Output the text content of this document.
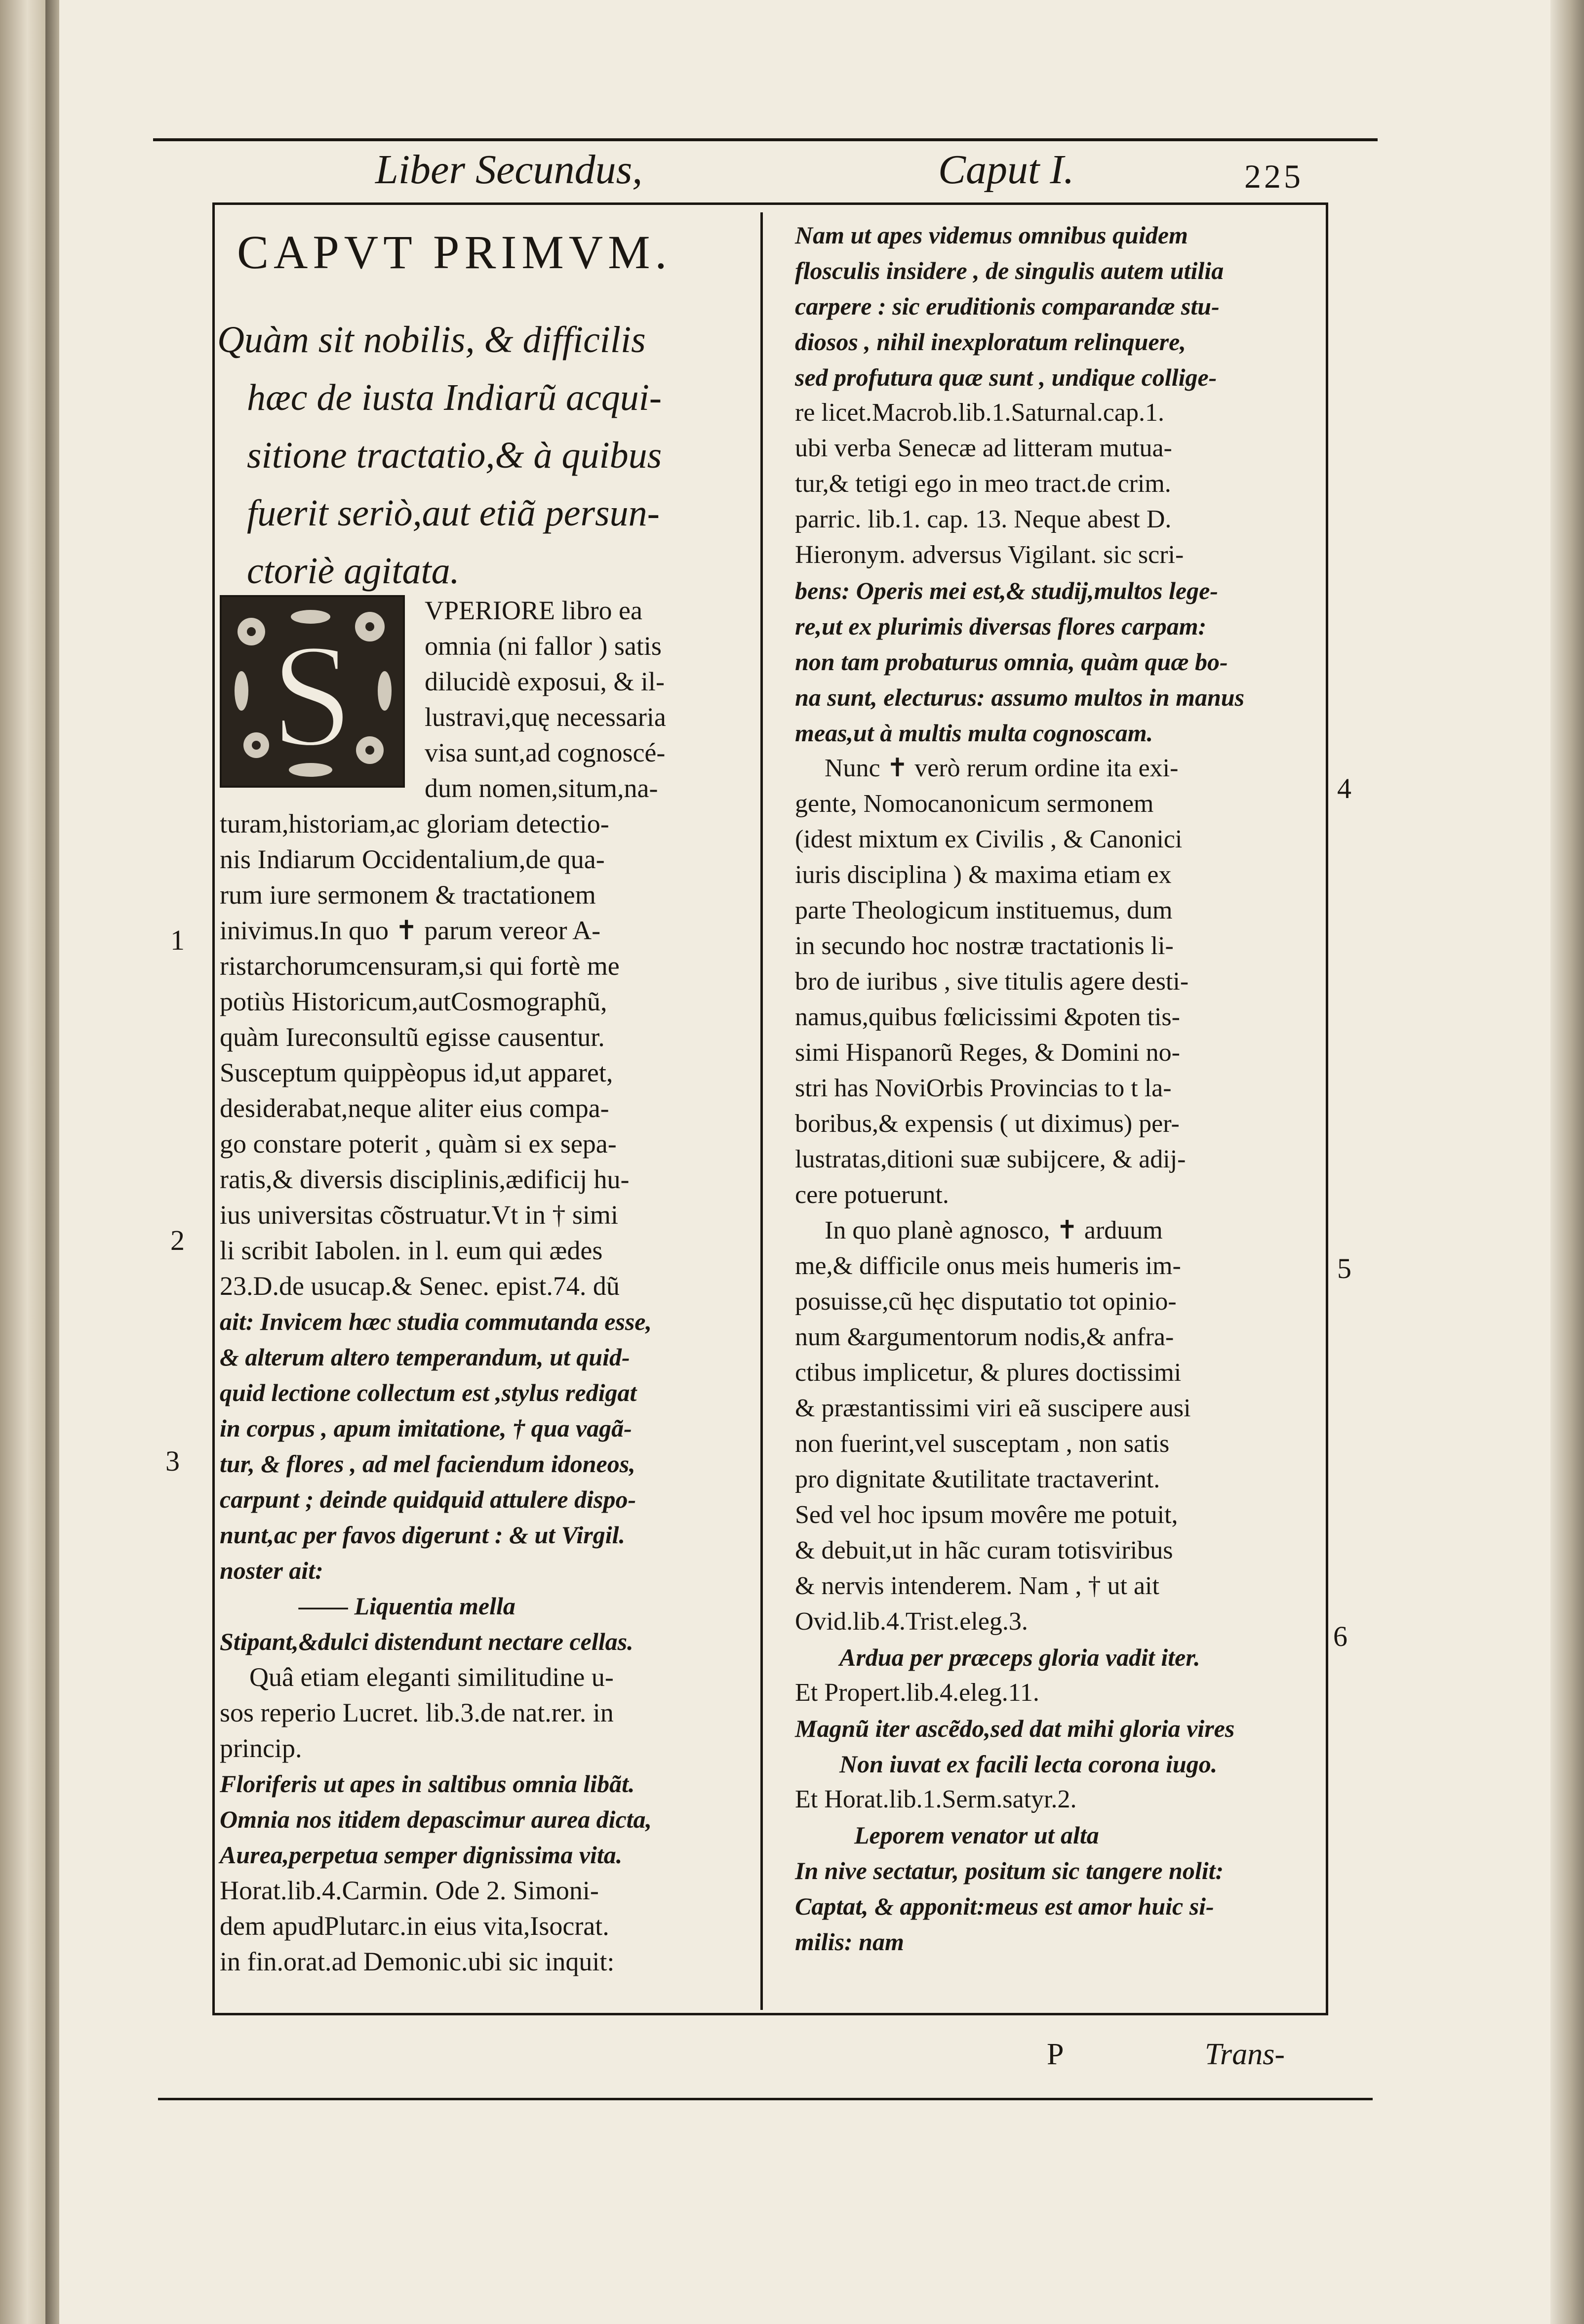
Liber Secundus,	Caput I.	225
CAPVT PRIMVM.
Quàm sit nobilis, & difficilis
hæc de iusta Indiarũ acqui-
sitione tractatio,& à quibus
fuerit seriò,aut etiã persun-
ctoriè agitata.
S
VPERIORE libro ea
omnia (ni fallor ) satis
dilucidè exposui, & il-
lustravi,quę necessaria
visa sunt,ad cognoscé-
dum nomen,situm,na-
turam,historiam,ac gloriam detectio-
nis Indiarum Occidentalium,de qua-
rum iure sermonem & tractationem
inivimus.In quo ✝ parum vereor A-
ristarchorumcensuram,si qui fortè me
potiùs Historicum,autCosmographũ,
quàm Iureconsultũ egisse causentur.
Susceptum quippèopus id,ut apparet,
desiderabat,neque aliter eius compa-
go constare poterit , quàm si ex sepa-
ratis,& diversis disciplinis,ædificij hu-
ius universitas cõstruatur.Vt in † simi
li scribit Iabolen. in l. eum qui ædes
23.D.de usucap.& Senec. epist.74. dũ
ait: Invicem hæc studia commutanda esse,
& alterum altero temperandum, ut quid-
quid lectione collectum est ,stylus redigat
in corpus , apum imitatione, † qua vagã-
tur, & flores , ad mel faciendum idoneos,
carpunt ; deinde quidquid attulere dispo-
nunt,ac per favos digerunt : & ut Virgil.
noster ait:
—— Liquentia mella
Stipant,&dulci distendunt nectare cellas.
Quâ etiam eleganti similitudine u-
sos reperio Lucret. lib.3.de nat.rer. in
princip.
Floriferis ut apes in saltibus omnia libãt.
Omnia nos itidem depascimur aurea dicta,
Aurea,perpetua semper dignissima vita.
Horat.lib.4.Carmin. Ode 2. Simoni-
dem apudPlutarc.in eius vita,Isocrat.
in fin.orat.ad Demonic.ubi sic inquit:
Nam ut apes videmus omnibus quidem
flosculis insidere , de singulis autem utilia
carpere : sic eruditionis comparandæ stu-
diosos , nihil inexploratum relinquere,
sed profutura quæ sunt , undique collige-
re licet.Macrob.lib.1.Saturnal.cap.1.
ubi verba Senecæ ad litteram mutua-
tur,& tetigi ego in meo tract.de crim.
parric. lib.1. cap. 13. Neque abest D.
Hieronym. adversus Vigilant. sic scri-
bens: Operis mei est,& studij,multos lege-
re,ut ex plurimis diversas flores carpam:
non tam probaturus omnia, quàm quæ bo-
na sunt, electurus: assumo multos in manus
meas,ut à multis multa cognoscam.
Nunc ✝ verò rerum ordine ita exi-
gente, Nomocanonicum sermonem
(idest mixtum ex Civilis , & Canonici
iuris disciplina ) & maxima etiam ex
parte Theologicum instituemus, dum
in secundo hoc nostræ tractationis li-
bro de iuribus , sive titulis agere desti-
namus,quibus fœlicissimi &poten tis-
simi Hispanorũ Reges, & Domini no-
stri has NoviOrbis Provincias to t la-
boribus,& expensis ( ut diximus) per-
lustratas,ditioni suæ subijcere, & adij-
cere potuerunt.
In quo planè agnosco, ✝ arduum
me,& difficile onus meis humeris im-
posuisse,cũ hęc disputatio tot opinio-
num &argumentorum nodis,& anfra-
ctibus implicetur, & plures doctissimi
& præstantissimi viri eã suscipere ausi
non fuerint,vel susceptam , non satis
pro dignitate &utilitate tractaverint.
Sed vel hoc ipsum movêre me potuit,
& debuit,ut in hãc curam totisviribus
& nervis intenderem. Nam , † ut ait
Ovid.lib.4.Trist.eleg.3.
Ardua per præceps gloria vadit iter.
Et Propert.lib.4.eleg.11.
Magnũ iter ascẽdo,sed dat mihi gloria vires
Non iuvat ex facili lecta corona iugo.
Et Horat.lib.1.Serm.satyr.2.
Leporem venator ut alta
In nive sectatur, positum sic tangere nolit:
Captat, & apponit:meus est amor huic si-
milis: nam
1
2
3
4
5
6
P	Trans-
